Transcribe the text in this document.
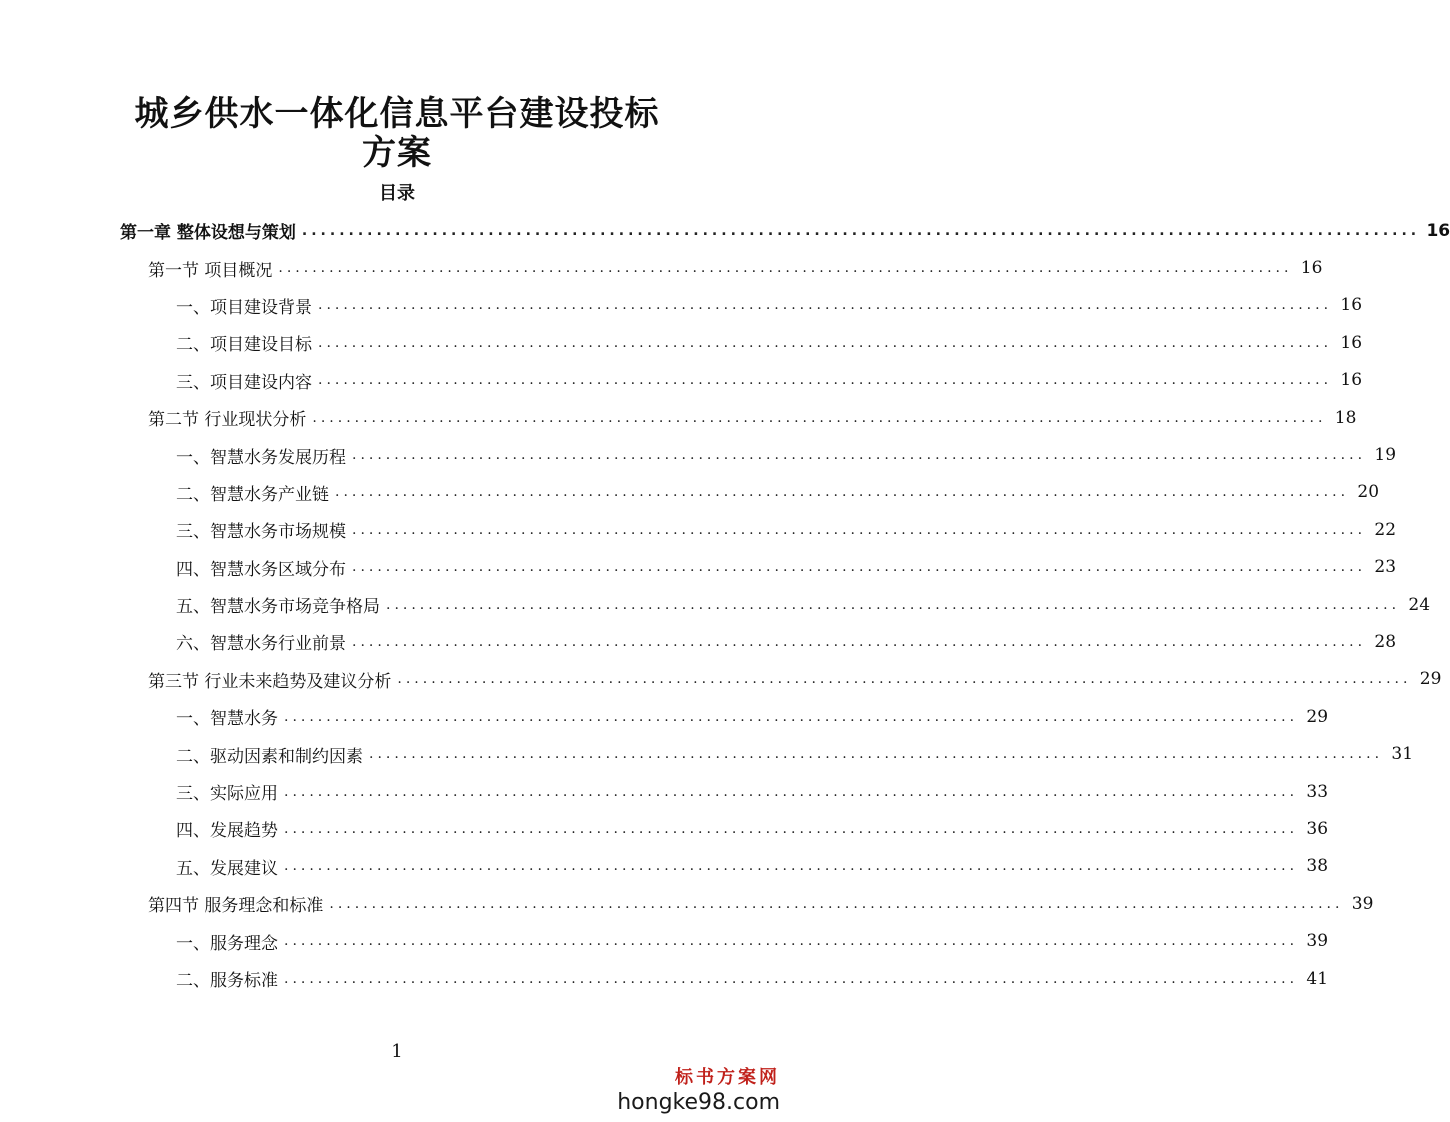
城乡供水一体化信息平台建设投标
方案
目录
第一章 整体设想与策划 ........................................................................................................................ 16
第一节 项目概况 ........................................................................................................................ 16
一、项目建设背景 ........................................................................................................................ 16
二、项目建设目标 ........................................................................................................................ 16
三、项目建设内容 ........................................................................................................................ 16
第二节 行业现状分析 ........................................................................................................................ 18
一、智慧水务发展历程 ........................................................................................................................ 19
二、智慧水务产业链 ........................................................................................................................ 20
三、智慧水务市场规模 ........................................................................................................................ 22
四、智慧水务区域分布 ........................................................................................................................ 23
五、智慧水务市场竞争格局 ........................................................................................................................ 24
六、智慧水务行业前景 ........................................................................................................................ 28
第三节 行业未来趋势及建议分析 ........................................................................................................................ 29
一、智慧水务 ........................................................................................................................ 29
二、驱动因素和制约因素 ........................................................................................................................ 31
三、实际应用 ........................................................................................................................ 33
四、发展趋势 ........................................................................................................................ 36
五、发展建议 ........................................................................................................................ 38
第四节 服务理念和标准 ........................................................................................................................ 39
一、服务理念 ........................................................................................................................ 39
二、服务标准 ........................................................................................................................ 41
1
标书方案网
hongke98.com
